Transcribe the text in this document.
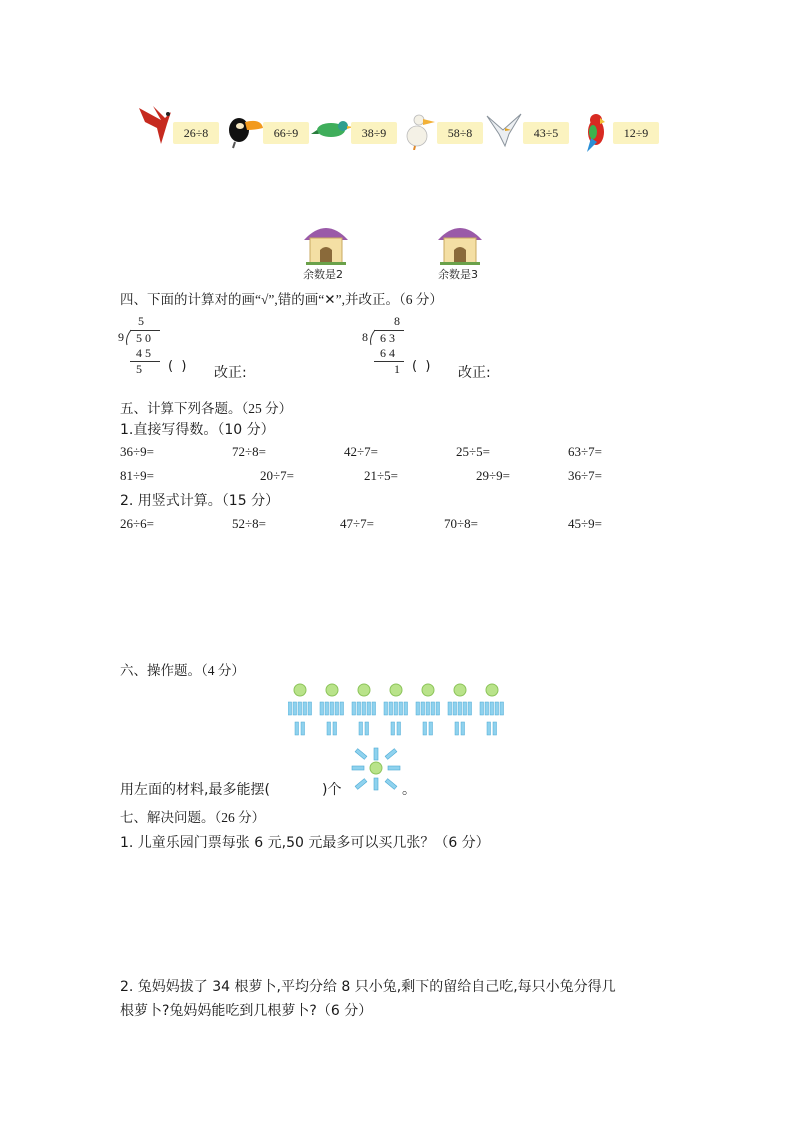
26÷8	66÷9	38÷9	58÷8	43÷5	12÷9
余数是2	余数是3
四、下面的计算对的画“√”,错的画“✕”,并改正。（6 分）
5
9 5 0
4 5
5 (  ) 改正:
8
8 6 3
6 4
1 (  ) 改正:
五、计算下列各题。（25 分）
1.直接写得数。（10 分）
36÷9=	72÷8=	42÷7=	25÷5=	63÷7=
81÷9=	20÷7=	21÷5=	29÷9=	36÷7=
2. 用竖式计算。（15 分）
26÷6=	52÷8=	47÷7=	70÷8=	45÷9=
六、操作题。（4 分）
用左面的材料,最多能摆(	)个	。
七、解决问题。（26 分）
1. 儿童乐园门票每张 6 元,50 元最多可以买几张？（6 分）
2. 兔妈妈拔了 34 根萝卜,平均分给 8 只小兔,剩下的留给自己吃,每只小兔分得几
根萝卜?兔妈妈能吃到几根萝卜?（6 分）
